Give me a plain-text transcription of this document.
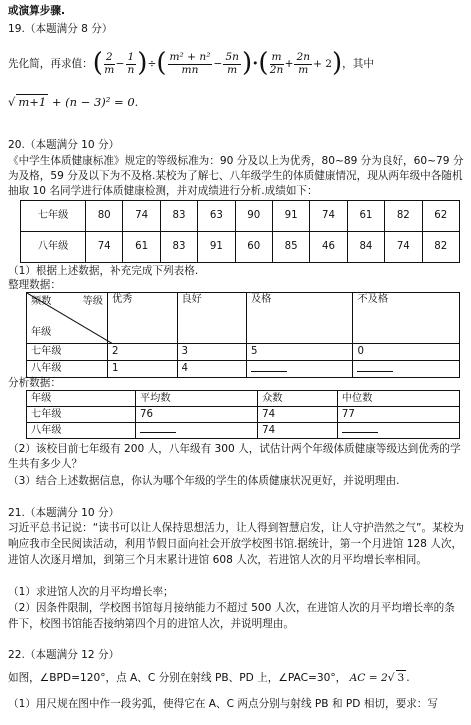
或演算步骤.
19.（本题满分 8 分）
先化简，再求值： ( $\frac{2}{m} - \frac{1}{n}$ ) ÷ ( $\frac{\text{m² + n²}}{mn} - \frac{5n}{m}$ ) • ( $\frac{m}{2n} + \frac{2n}{m} + 2$ ) ，其中
√ m+1 + (n − 3)² = 0.
20.（本题满分 10 分）
《中学生体质健康标准》规定的等级标准为：90 分及以上为优秀，80~89 分为良好，60~79 分为及格，59 分及以下为不及格.某校为了解七、八年级学生的体质健康情况，现从两年级中各随机抽取 10 名同学进行体质健康检测，并对成绩进行分析.成绩如下：
七年级	80	74	83	63	90	91	74	61	82	62
八年级	74	61	83	91	60	85	46	84	74	82
（1）根据上述数据，补充完成下列表格.
整理数据：
频数 等级
年级	优秀	良好	及格	不及格
七年级	2	3	5	0
八年级	1	4		
分析数据：
年级	平均数	众数	中位数
七年级	76	74	77
八年级		74	
（2）该校目前七年级有 200 人，八年级有 300 人，试估计两个年级体质健康等级达到优秀的学生共有多少人？
（3）结合上述数据信息，你认为哪个年级的学生的体质健康状况更好，并说明理由.
21.（本题满分 10 分）
习近平总书记说：“读书可以让人保持思想活力，让人得到智慧启发，让人守护浩然之气”。某校为响应我市全民阅读活动，利用节假日面向社会开放学校图书馆.据统计，第一个月进馆 128 人次，进馆人次逐月增加，到第三个月末累计进馆 608 人次，若进馆人次的月平均增长率相同。
（1）求进馆人次的月平均增长率；
（2）因条件限制，学校图书馆每月接纳能力不超过 500 人次，在进馆人次的月平均增长率的条件下，校图书馆能否接纳第四个月的进馆人次，并说明理由。
22.（本题满分 12 分）
如图，∠BPD=120°，点 A、C 分别在射线 PB、PD 上，∠PAC=30°， AC = 2√ 3 .
（1）用尺规在图中作一段劣弧，使得它在 A、C 两点分别与射线 PB 和 PD 相切，要求：写
